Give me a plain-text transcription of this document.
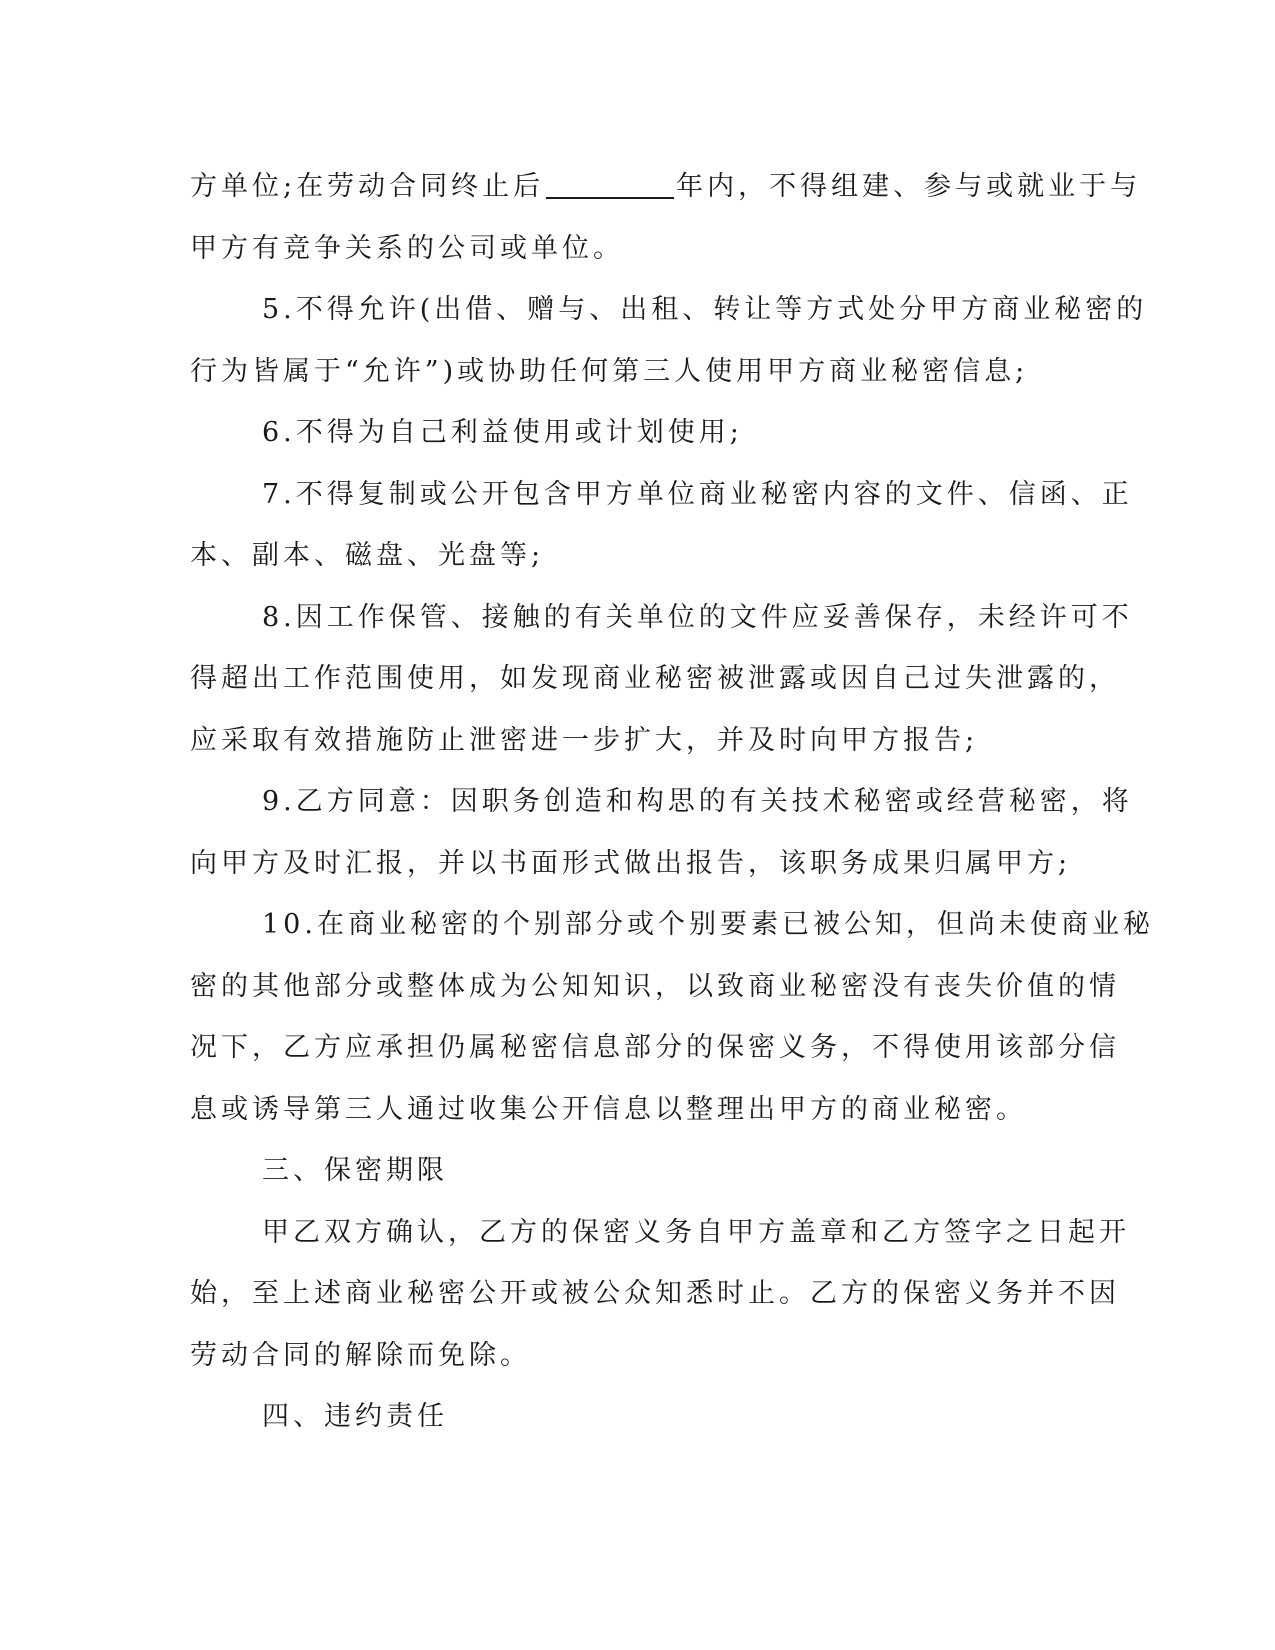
方单位;在劳动合同终止后	年内，不得组建、参与或就业于与
甲方有竞争关系的公司或单位。
5.不得允许(出借、赠与、出租、转让等方式处分甲方商业秘密的
行为皆属于“允许”)或协助任何第三人使用甲方商业秘密信息;
6.不得为自己利益使用或计划使用;
7.不得复制或公开包含甲方单位商业秘密内容的文件、信函、正
本、副本、磁盘、光盘等;
8.因工作保管、接触的有关单位的文件应妥善保存，未经许可不
得超出工作范围使用，如发现商业秘密被泄露或因自己过失泄露的，
应采取有效措施防止泄密进一步扩大，并及时向甲方报告;
9.乙方同意：因职务创造和构思的有关技术秘密或经营秘密，将
向甲方及时汇报，并以书面形式做出报告，该职务成果归属甲方;
10.在商业秘密的个别部分或个别要素已被公知，但尚未使商业秘
密的其他部分或整体成为公知知识，以致商业秘密没有丧失价值的情
况下，乙方应承担仍属秘密信息部分的保密义务，不得使用该部分信
息或诱导第三人通过收集公开信息以整理出甲方的商业秘密。
三、保密期限
甲乙双方确认，乙方的保密义务自甲方盖章和乙方签字之日起开
始，至上述商业秘密公开或被公众知悉时止。乙方的保密义务并不因
劳动合同的解除而免除。
四、违约责任
